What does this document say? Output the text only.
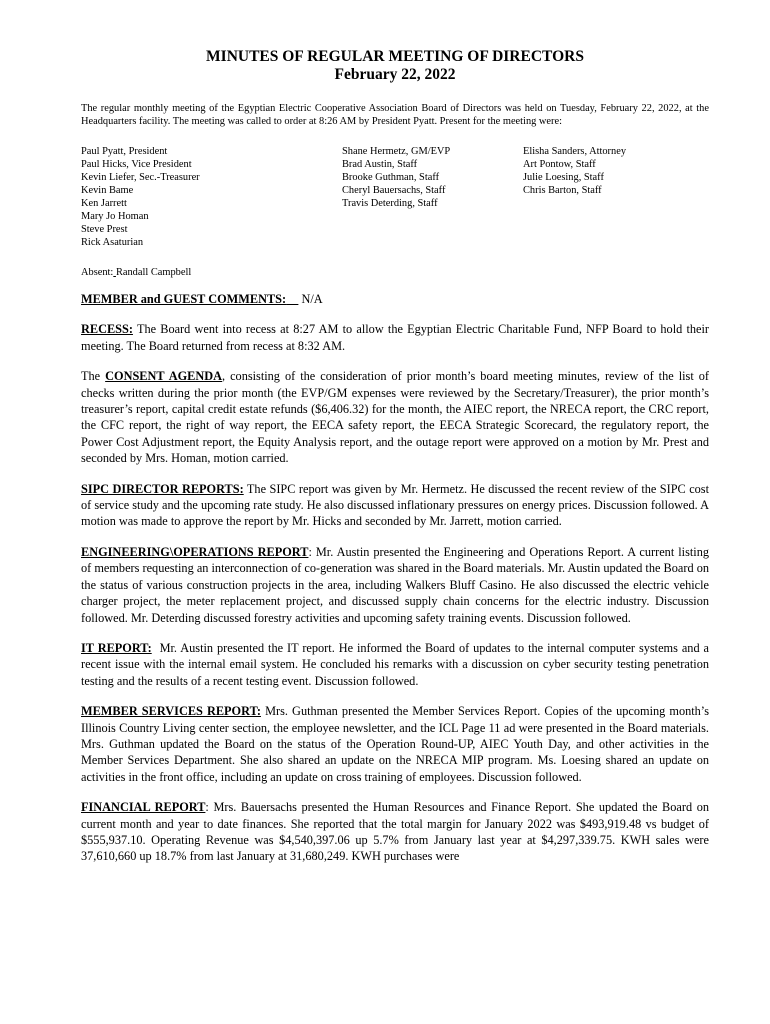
MINUTES OF REGULAR MEETING OF DIRECTORS
February 22, 2022
The regular monthly meeting of the Egyptian Electric Cooperative Association Board of Directors was held on Tuesday, February 22, 2022, at the Headquarters facility. The meeting was called to order at 8:26 AM by President Pyatt. Present for the meeting were:
Paul Pyatt, President
Paul Hicks, Vice President
Kevin Liefer, Sec.-Treasurer
Kevin Bame
Ken Jarrett
Mary Jo Homan
Steve Prest
Rick Asaturian
Shane Hermetz, GM/EVP
Brad Austin, Staff
Brooke Guthman, Staff
Cheryl Bauersachs, Staff
Travis Deterding, Staff
Elisha Sanders, Attorney
Art Pontow, Staff
Julie Loesing, Staff
Chris Barton, Staff
Absent: Randall Campbell
MEMBER and GUEST COMMENTS: N/A
RECESS: The Board went into recess at 8:27 AM to allow the Egyptian Electric Charitable Fund, NFP Board to hold their meeting. The Board returned from recess at 8:32 AM.
The CONSENT AGENDA, consisting of the consideration of prior month’s board meeting minutes, review of the list of checks written during the prior month (the EVP/GM expenses were reviewed by the Secretary/Treasurer), the prior month’s treasurer’s report, capital credit estate refunds ($6,406.32) for the month, the AIEC report, the NRECA report, the CRC report, the CFC report, the right of way report, the EECA safety report, the EECA Strategic Scorecard, the regulatory report, the Power Cost Adjustment report, the Equity Analysis report, and the outage report were approved on a motion by Mr. Prest and seconded by Mrs. Homan, motion carried.
SIPC DIRECTOR REPORTS: The SIPC report was given by Mr. Hermetz. He discussed the recent review of the SIPC cost of service study and the upcoming rate study. He also discussed inflationary pressures on energy prices. Discussion followed. A motion was made to approve the report by Mr. Hicks and seconded by Mr. Jarrett, motion carried.
ENGINEERING\OPERATIONS REPORT: Mr. Austin presented the Engineering and Operations Report. A current listing of members requesting an interconnection of co-generation was shared in the Board materials. Mr. Austin updated the Board on the status of various construction projects in the area, including Walkers Bluff Casino. He also discussed the electric vehicle charger project, the meter replacement project, and discussed supply chain concerns for the electric industry. Discussion followed. Mr. Deterding discussed forestry activities and upcoming safety training events. Discussion followed.
IT REPORT: Mr. Austin presented the IT report. He informed the Board of updates to the internal computer systems and a recent issue with the internal email system. He concluded his remarks with a discussion on cyber security testing penetration testing and the results of a recent testing event. Discussion followed.
MEMBER SERVICES REPORT: Mrs. Guthman presented the Member Services Report. Copies of the upcoming month’s Illinois Country Living center section, the employee newsletter, and the ICL Page 11 ad were presented in the Board materials. Mrs. Guthman updated the Board on the status of the Operation Round-UP, AIEC Youth Day, and other activities in the Member Services Department. She also shared an update on the NRECA MIP program. Ms. Loesing shared an update on activities in the front office, including an update on cross training of employees. Discussion followed.
FINANCIAL REPORT: Mrs. Bauersachs presented the Human Resources and Finance Report. She updated the Board on current month and year to date finances. She reported that the total margin for January 2022 was $493,919.48 vs budget of $555,937.10. Operating Revenue was $4,540,397.06 up 5.7% from January last year at $4,297,339.75. KWH sales were 37,610,660 up 18.7% from last January at 31,680,249. KWH purchases were
